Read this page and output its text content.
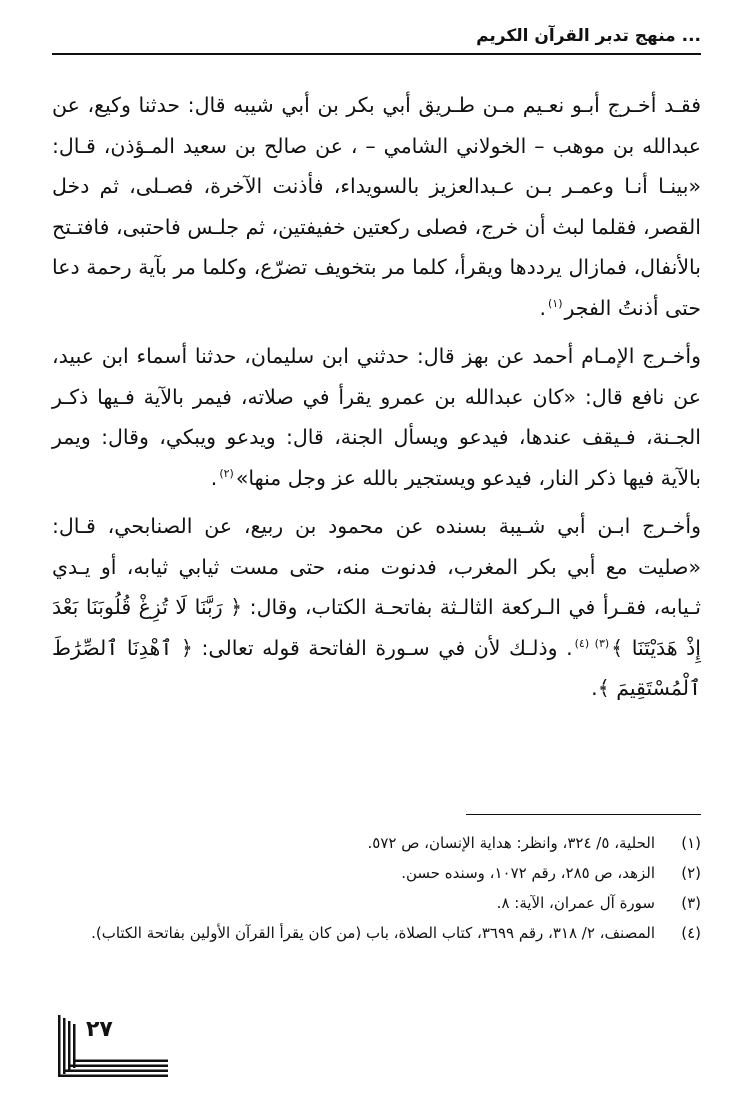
... منهج تدبر القرآن الكريم

فقـد أخـرج أبـو نعـيم مـن طـريق أبي بكر بن أبي شيبه قال: حدثنا وكيع، عن عبدالله بن موهب – الخولاني الشامي – ، عن صالح بن سعيد المـؤذن، قـال: «بينـا أنـا وعمـر بـن عـبدالعزيز بالسويداء، فأذنت الآخرة، فصـلى، ثم دخل القصر، فقلما لبث أن خرج، فصلى ركعتين خفيفتين، ثم جلـس فاحتبى، فافتـتح بالأنفال، فمازال يرددها ويقرأ، كلما مر بتخويف تضرّع، وكلما مر بآية رحمة دعا حتى أذنتُ الفجر$^{(١)}$.

وأخـرج الإمـام أحمد عن بهز قال: حدثني ابن سليمان، حدثنا أسماء ابن عبيد، عن نافع قال: «كان عبدالله بن عمرو يقرأ في صلاته، فيمر بالآية فـيها ذكـر الجـنة، فـيقف عندها، فيدعو ويسأل الجنة، قال: ويدعو ويبكي، وقال: ويمر بالآية فيها ذكر النار، فيدعو ويستجير بالله عز وجل منها»$^{(٢)}$.

وأخـرج ابـن أبي شـيبة بسنده عن محمود بن ربيع، عن الصنابحي، قـال: «صليت مع أبي بكر المغرب، فدنوت منه، حتى مست ثيابي ثيابه، أو يـدي ثـيابه، فقـرأ في الـركعة الثالـثة بفاتحـة الكتاب، وقال: ﴿ رَبَّنَا لَا تُزِغْ قُلُوبَنَا بَعْدَ إِذْ هَدَيْتَنَا ﴾$^{(٣) (٤)}$. وذلـك لأن في سـورة الفاتحة قوله تعالى: ﴿ ٱهْدِنَا ٱلصِّرَٰطَ ٱلْمُسْتَقِيمَ ﴾.

(١)
الحلية، ٥/ ٣٢٤، وانظر: هداية الإنسان، ص ٥٧٢.

(٢)
الزهد، ص ٢٨٥، رقم ١٠٧٢، وسنده حسن.

(٣)
سورة آل عمران، الآية: ٨.

(٤)
المصنف، ٢/ ٣١٨، رقم ٣٦٩٩، كتاب الصلاة، باب (من كان يقرأ القرآن الأولين بفاتحة الكتاب).

٢٧
